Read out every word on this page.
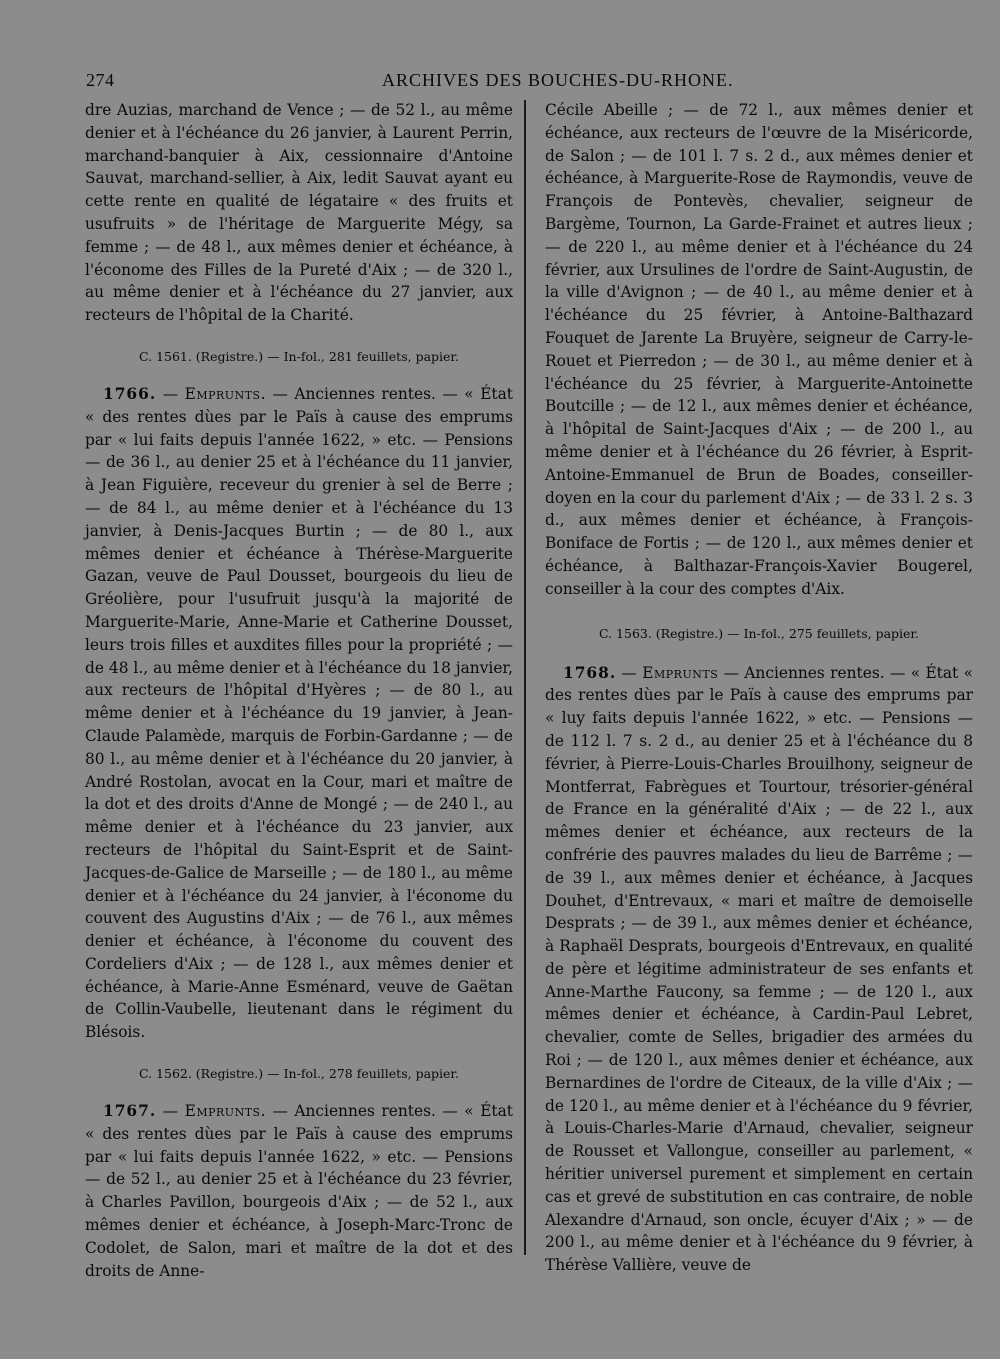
274	ARCHIVES DES BOUCHES-DU-RHONE.

dre Auzias, marchand de Vence ; — de 52 l., au même denier et à l'échéance du 26 janvier, à Laurent Perrin, marchand-banquier à Aix, cessionnaire d'Antoine Sauvat, marchand-sellier, à Aix, ledit Sauvat ayant eu cette rente en qualité de légataire « des fruits et usufruits » de l'héritage de Marguerite Mégy, sa femme ; — de 48 l., aux mêmes denier et échéance, à l'économe des Filles de la Pureté d'Aix ; — de 320 l., au même denier et à l'échéance du 27 janvier, aux recteurs de l'hôpital de la Charité.

C. 1561. (Registre.) — In-fol., 281 feuillets, papier.

1766. — Emprunts. — Anciennes rentes. — « État « des rentes dùes par le Païs à cause des emprums par « lui faits depuis l'année 1622, » etc. — Pensions — de 36 l., au denier 25 et à l'échéance du 11 janvier, à Jean Figuière, receveur du grenier à sel de Berre ; — de 84 l., au même denier et à l'échéance du 13 janvier, à Denis-Jacques Burtin ; — de 80 l., aux mêmes denier et échéance à Thérèse-Marguerite Gazan, veuve de Paul Dousset, bourgeois du lieu de Gréolière, pour l'usufruit jusqu'à la majorité de Marguerite-Marie, Anne-Marie et Catherine Dousset, leurs trois filles et auxdites filles pour la propriété ; — de 48 l., au même denier et à l'échéance du 18 janvier, aux recteurs de l'hôpital d'Hyères ; — de 80 l., au même denier et à l'échéance du 19 janvier, à Jean-Claude Palamède, marquis de Forbin-Gardanne ; — de 80 l., au même denier et à l'échéance du 20 janvier, à André Rostolan, avocat en la Cour, mari et maître de la dot et des droits d'Anne de Mongé ; — de 240 l., au même denier et à l'échéance du 23 janvier, aux recteurs de l'hôpital du Saint-Esprit et de Saint-Jacques-de-Galice de Marseille ; — de 180 l., au même denier et à l'échéance du 24 janvier, à l'économe du couvent des Augustins d'Aix ; — de 76 l., aux mêmes denier et échéance, à l'économe du couvent des Cordeliers d'Aix ; — de 128 l., aux mêmes denier et échéance, à Marie-Anne Esménard, veuve de Gaëtan de Collin-Vaubelle, lieutenant dans le régiment du Blésois.

C. 1562. (Registre.) — In-fol., 278 feuillets, papier.

1767. — Emprunts. — Anciennes rentes. — « État « des rentes dùes par le Païs à cause des emprums par « lui faits depuis l'année 1622, » etc. — Pensions — de 52 l., au denier 25 et à l'échéance du 23 février, à Charles Pavillon, bourgeois d'Aix ; — de 52 l., aux mêmes denier et échéance, à Joseph-Marc-Tronc de Codolet, de Salon, mari et maître de la dot et des droits de Anne-

Cécile Abeille ; — de 72 l., aux mêmes denier et échéance, aux recteurs de l'œuvre de la Miséricorde, de Salon ; — de 101 l. 7 s. 2 d., aux mêmes denier et échéance, à Marguerite-Rose de Raymondis, veuve de François de Pontevès, chevalier, seigneur de Bargème, Tournon, La Garde-Frainet et autres lieux ; — de 220 l., au même denier et à l'échéance du 24 février, aux Ursulines de l'ordre de Saint-Augustin, de la ville d'Avignon ; — de 40 l., au même denier et à l'échéance du 25 février, à Antoine-Balthazard Fouquet de Jarente La Bruyère, seigneur de Carry-le-Rouet et Pierredon ; — de 30 l., au même denier et à l'échéance du 25 février, à Marguerite-Antoinette Boutcille ; — de 12 l., aux mêmes denier et échéance, à l'hôpital de Saint-Jacques d'Aix ; — de 200 l., au même denier et à l'échéance du 26 février, à Esprit-Antoine-Emmanuel de Brun de Boades, conseiller-doyen en la cour du parlement d'Aix ; — de 33 l. 2 s. 3 d., aux mêmes denier et échéance, à François-Boniface de Fortis ; — de 120 l., aux mêmes denier et échéance, à Balthazar-François-Xavier Bougerel, conseiller à la cour des comptes d'Aix.

C. 1563. (Registre.) — In-fol., 275 feuillets, papier.

1768. — Emprunts — Anciennes rentes. — « État « des rentes dùes par le Païs à cause des emprums par « luy faits depuis l'année 1622, » etc. — Pensions — de 112 l. 7 s. 2 d., au denier 25 et à l'échéance du 8 février, à Pierre-Louis-Charles Brouilhony, seigneur de Montferrat, Fabrègues et Tourtour, trésorier-général de France en la généralité d'Aix ; — de 22 l., aux mêmes denier et échéance, aux recteurs de la confrérie des pauvres malades du lieu de Barrême ; — de 39 l., aux mêmes denier et échéance, à Jacques Douhet, d'Entrevaux, « mari et maître de demoiselle Desprats ; — de 39 l., aux mêmes denier et échéance, à Raphaël Desprats, bourgeois d'Entrevaux, en qualité de père et légitime administrateur de ses enfants et Anne-Marthe Faucony, sa femme ; — de 120 l., aux mêmes denier et échéance, à Cardin-Paul Lebret, chevalier, comte de Selles, brigadier des armées du Roi ; — de 120 l., aux mêmes denier et échéance, aux Bernardines de l'ordre de Citeaux, de la ville d'Aix ; — de 120 l., au même denier et à l'échéance du 9 février, à Louis-Charles-Marie d'Arnaud, chevalier, seigneur de Rousset et Vallongue, conseiller au parlement, « héritier universel purement et simplement en certain cas et grevé de substitution en cas contraire, de noble Alexandre d'Arnaud, son oncle, écuyer d'Aix ; » — de 200 l., au même denier et à l'échéance du 9 février, à Thérèse Vallière, veuve de
